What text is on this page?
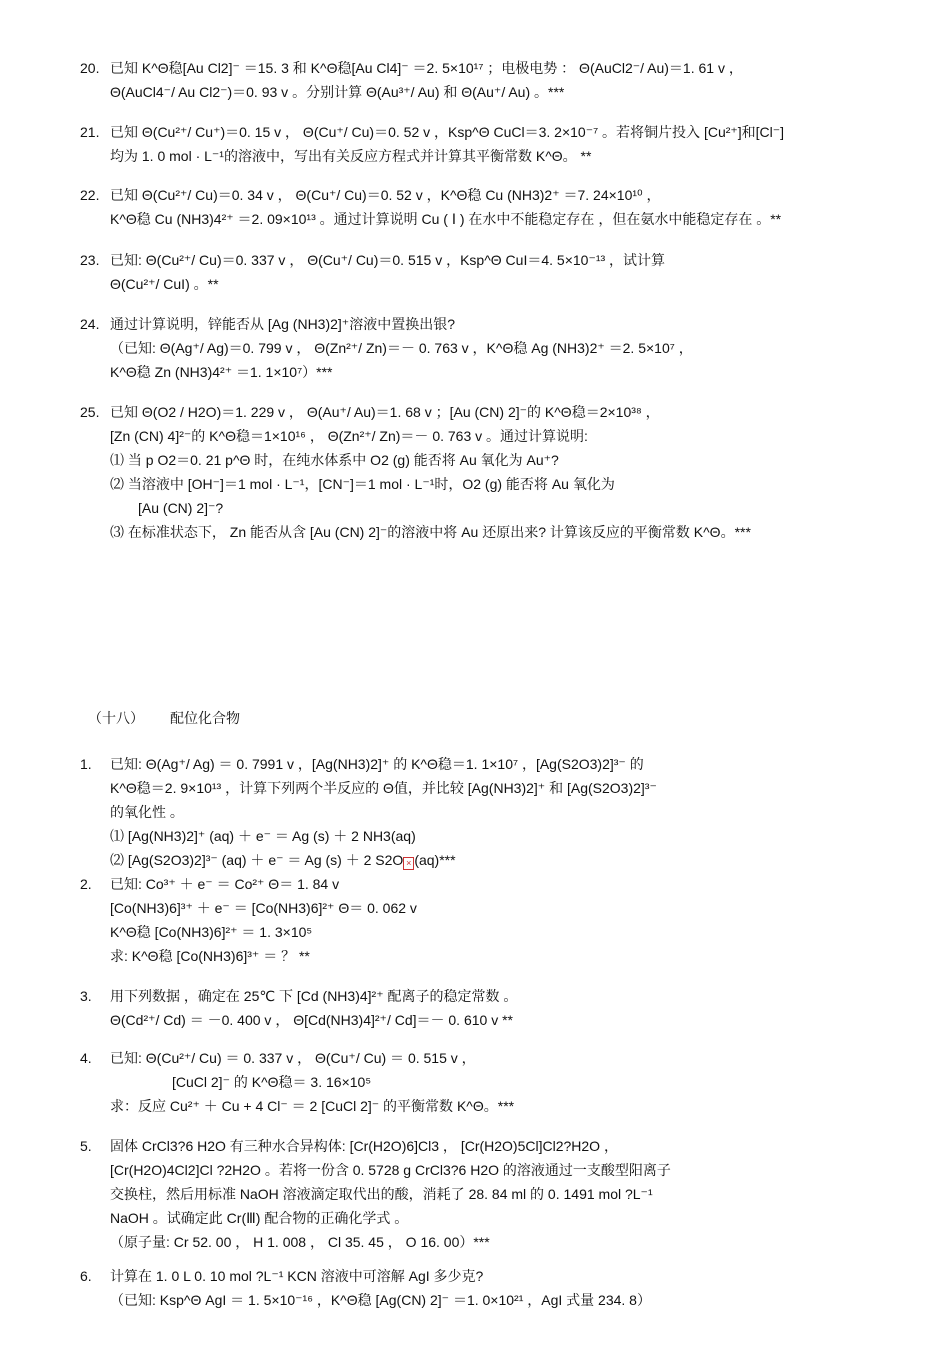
20. 已知 K^Θ稳[Au Cl2]⁻ ＝15. 3 和 K^Θ稳[Au Cl4]⁻ ＝2. 5×10¹⁷ ；电极电势 ： Θ(AuCl2⁻/ Au)＝1. 61 v ，
Θ(AuCl4⁻/ Au Cl2⁻)＝0. 93 v 。分别计算 Θ(Au³⁺/ Au) 和 Θ(Au⁺/ Au) 。***
21. 已知 Θ(Cu²⁺/ Cu⁺)＝0. 15 v ， Θ(Cu⁺/ Cu)＝0. 52 v ，Ksp^Θ CuCl＝3. 2×10⁻⁷ 。若将铜片投入 [Cu²⁺]和[Cl⁻]
均为 1. 0 mol · L⁻¹的溶液中，写出有关反应方程式并计算其平衡常数 K^Θ。 **
22. 已知 Θ(Cu²⁺/ Cu)＝0. 34 v ， Θ(Cu⁺/ Cu)＝0. 52 v ，K^Θ稳 Cu (NH3)2⁺ ＝7. 24×10¹⁰ ，
K^Θ稳 Cu (NH3)4²⁺ ＝2. 09×10¹³ 。通过计算说明 Cu ( Ⅰ ) 在水中不能稳定存在 ，但在氨水中能稳定存在 。**
23. 已知: Θ(Cu²⁺/ Cu)＝0. 337 v ， Θ(Cu⁺/ Cu)＝0. 515 v ，Ksp^Θ CuI＝4. 5×10⁻¹³ ，试计算
Θ(Cu²⁺/ CuI) 。**
24. 通过计算说明，锌能否从 [Ag (NH3)2]⁺溶液中置换出银?
（已知: Θ(Ag⁺/ Ag)＝0. 799 v ， Θ(Zn²⁺/ Zn)＝－ 0. 763 v ，K^Θ稳 Ag (NH3)2⁺ ＝2. 5×10⁷ ，
K^Θ稳 Zn (NH3)4²⁺ ＝1. 1×10⁷）***
25. 已知 Θ(O2 / H2O)＝1. 229 v ， Θ(Au⁺/ Au)＝1. 68 v ；[Au (CN) 2]⁻的 K^Θ稳＝2×10³⁸ ，
[Zn (CN) 4]²⁻的 K^Θ稳＝1×10¹⁶ ， Θ(Zn²⁺/ Zn)＝－ 0. 763 v 。通过计算说明:
⑴ 当 p O2＝0. 21 p^Θ 时，在纯水体系中 O2 (g) 能否将 Au 氧化为 Au⁺?
⑵ 当溶液中 [OH⁻]＝1 mol · L⁻¹，[CN⁻]＝1 mol · L⁻¹时，O2 (g) 能否将 Au 氧化为
[Au (CN) 2]⁻?
⑶ 在标准状态下， Zn 能否从含 [Au (CN) 2]⁻的溶液中将 Au 还原出来? 计算该反应的平衡常数 K^Θ。***
（十八） 配位化合物
1. 已知: Θ(Ag⁺/ Ag) ＝ 0. 7991 v ，[Ag(NH3)2]⁺ 的 K^Θ稳＝1. 1×10⁷ ，[Ag(S2O3)2]³⁻ 的
K^Θ稳＝2. 9×10¹³ ，计算下列两个半反应的 Θ值，并比较 [Ag(NH3)2]⁺ 和 [Ag(S2O3)2]³⁻
的氧化性 。
⑴ [Ag(NH3)2]⁺ (aq) ＋ e⁻ ＝ Ag (s) ＋ 2 NH3(aq)
⑵ [Ag(S2O3)2]³⁻ (aq) ＋ e⁻ ＝ Ag (s) ＋ 2 S2O × (aq)***
2. 已知: Co³⁺ ＋ e⁻ ＝ Co²⁺ Θ＝ 1. 84 v
[Co(NH3)6]³⁺ ＋ e⁻ ＝ [Co(NH3)6]²⁺ Θ＝ 0. 062 v
K^Θ稳 [Co(NH3)6]²⁺ ＝ 1. 3×10⁵
求: K^Θ稳 [Co(NH3)6]³⁺ ＝ ？ **
3. 用下列数据 ，确定在 25℃ 下 [Cd (NH3)4]²⁺ 配离子的稳定常数 。
Θ(Cd²⁺/ Cd) ＝ －0. 400 v ， Θ[Cd(NH3)4]²⁺/ Cd]＝－ 0. 610 v **
4. 已知: Θ(Cu²⁺/ Cu) ＝ 0. 337 v ， Θ(Cu⁺/ Cu) ＝ 0. 515 v ，
[CuCl 2]⁻ 的 K^Θ稳＝ 3. 16×10⁵
求：反应 Cu²⁺ ＋ Cu + 4 Cl⁻ ＝ 2 [CuCl 2]⁻ 的平衡常数 K^Θ。***
5. 固体 CrCl3?6 H2O 有三种水合异构体: [Cr(H2O)6]Cl3 ， [Cr(H2O)5Cl]Cl2?H2O ，
[Cr(H2O)4Cl2]Cl ?2H2O 。若将一份含 0. 5728 g CrCl3?6 H2O 的溶液通过一支酸型阳离子
交换柱，然后用标准 NaOH 溶液滴定取代出的酸，消耗了 28. 84 ml 的 0. 1491 mol ?L⁻¹
NaOH 。试确定此 Cr(Ⅲ) 配合物的正确化学式 。
（原子量: Cr 52. 00 ， H 1. 008 ， Cl 35. 45 ， O 16. 00）***
6. 计算在 1. 0 L 0. 10 mol ?L⁻¹ KCN 溶液中可溶解 AgI 多少克?
（已知: Ksp^Θ AgI ＝ 1. 5×10⁻¹⁶ ，K^Θ稳 [Ag(CN) 2]⁻ ＝1. 0×10²¹ ，AgI 式量 234. 8）
